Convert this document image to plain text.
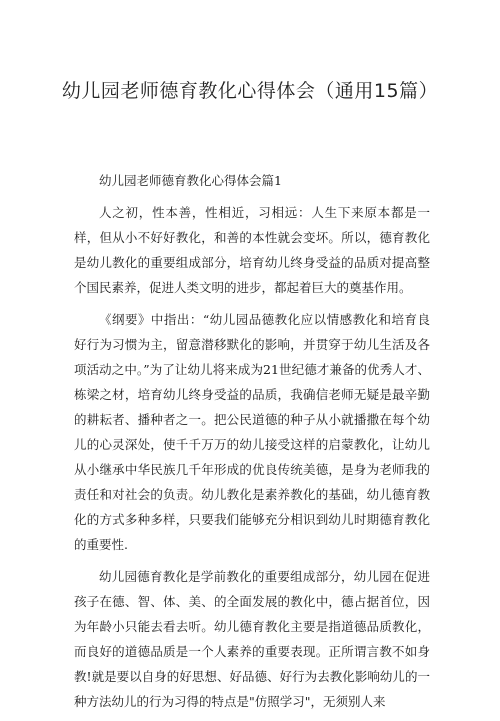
幼儿园老师德育教化心得体会（通用15篇）

幼儿园老师德育教化心得体会篇1

人之初，性本善，性相近，习相远：人生下来原本都是一样，但从小不好好教化，和善的本性就会变坏。所以，德育教化是幼儿教化的重要组成部分，培育幼儿终身受益的品质对提高整个国民素养，促进人类文明的进步，都起着巨大的奠基作用。

《纲要》中指出：“幼儿园品德教化应以情感教化和培育良好行为习惯为主，留意潜移默化的影响，并贯穿于幼儿生活及各项活动之中。”为了让幼儿将来成为21世纪德才兼备的优秀人才、栋梁之材，培育幼儿终身受益的品质，我确信老师无疑是最辛勤的耕耘者、播种者之一。把公民道德的种子从小就播撒在每个幼儿的心灵深处，使千千万万的幼儿接受这样的启蒙教化，让幼儿从小继承中华民族几千年形成的优良传统美德，是身为老师我的责任和对社会的负责。幼儿教化是素养教化的基础，幼儿德育教化的方式多种多样，只要我们能够充分相识到幼儿时期德育教化的重要性.

幼儿园德育教化是学前教化的重要组成部分，幼儿园在促进孩子在德、智、体、美、的全面发展的教化中，德占据首位，因为年龄小只能去看去听。幼儿德育教化主要是指道德品质教化，而良好的道德品质是一个人素养的重要表现。正所谓言教不如身教!就是要以自身的好思想、好品德、好行为去教化影响幼儿的一种方法幼儿的行为习得的特点是"仿照学习"，无须别人来
